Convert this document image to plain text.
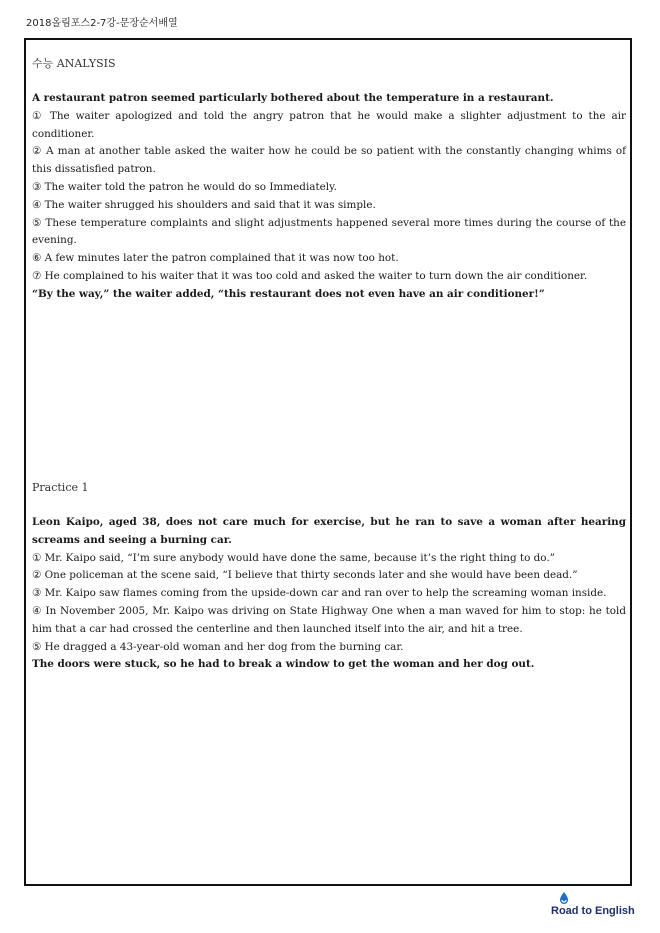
2018올림포스2-7강-문장순서배열
수능 ANALYSIS

A restaurant patron seemed particularly bothered about the temperature in a restaurant.

① The waiter apologized and told the angry patron that he would make a slighter adjustment to the air conditioner.

② A man at another table asked the waiter how he could be so patient with the constantly changing whims of this dissatisfied patron.

③ The waiter told the patron he would do so Immediately.

④ The waiter shrugged his shoulders and said that it was simple.

⑤ These temperature complaints and slight adjustments happened several more times during the course of the evening.

⑥ A few minutes later the patron complained that it was now too hot.

⑦ He complained to his waiter that it was too cold and asked the waiter to turn down the air conditioner.

“By the way,” the waiter added, “this restaurant does not even have an air conditioner!”

Practice 1

Leon Kaipo, aged 38, does not care much for exercise, but he ran to save a woman after hearing screams and seeing a burning car.

① Mr. Kaipo said, “I’m sure anybody would have done the same, because it’s the right thing to do.”

② One policeman at the scene said, “I believe that thirty seconds later and she would have been dead.”

③ Mr. Kaipo saw flames coming from the upside-down car and ran over to help the screaming woman inside.

④ In November 2005, Mr. Kaipo was driving on State Highway One when a man waved for him to stop: he told him that a car had crossed the centerline and then launched itself into the air, and hit a tree.

⑤ He dragged a 43-year-old woman and her dog from the burning car.

The doors were stuck, so he had to break a window to get the woman and her dog out.

Road to English
